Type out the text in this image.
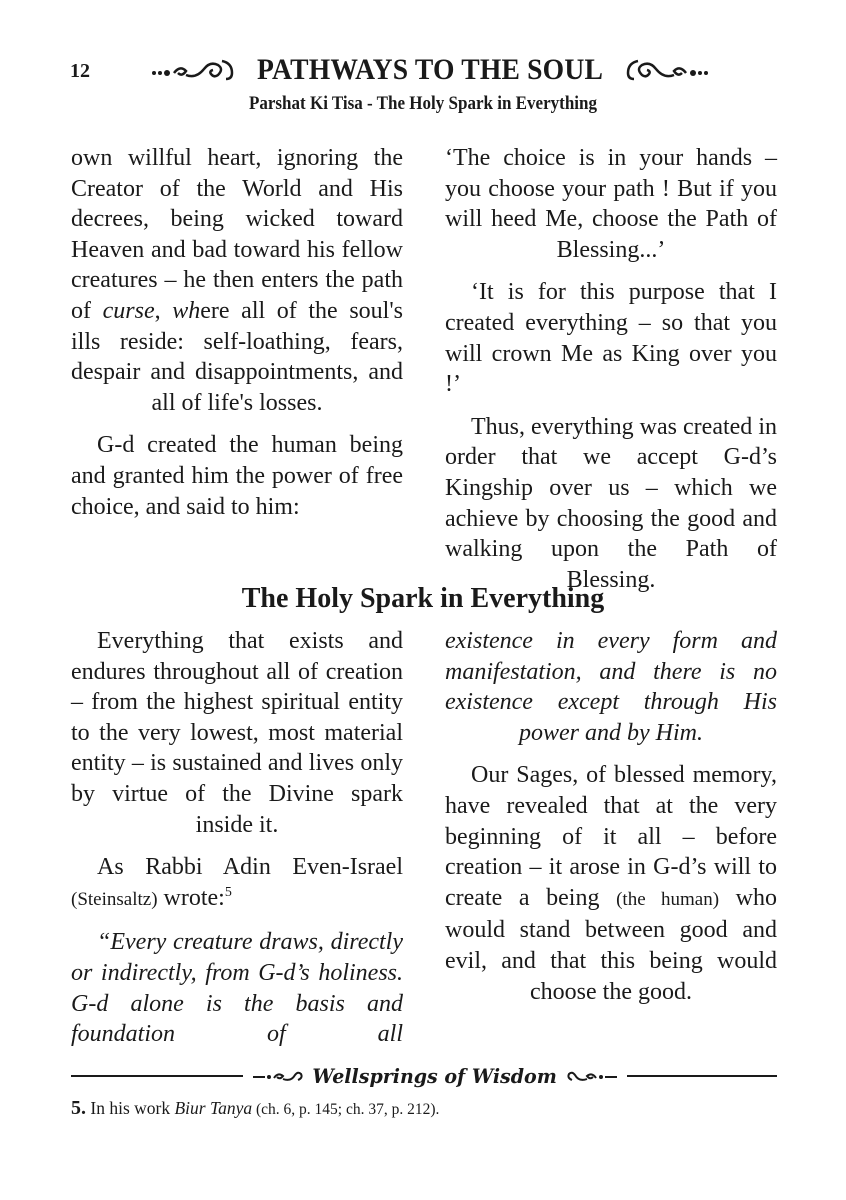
12	PATHWAYS TO THE SOUL
Parshat Ki Tisa - The Holy Spark in Everything

own willful heart, ignoring the Creator of the World and His decrees, being wicked toward Heaven and bad toward his fellow creatures – he then enters the path of curse, where all of the soul's ills reside: self-loathing, fears, despair and disappointments, and all of life's losses.

G-d created the human being and granted him the power of free choice, and said to him:

‘The choice is in your hands – you choose your path ! But if you will heed Me, choose the Path of Blessing...’

‘It is for this purpose that I created everything – so that you will crown Me as King over you !’

Thus, everything was created in order that we accept G-d’s Kingship over us – which we achieve by choosing the good and walking upon the Path of Blessing.

The Holy Spark in Everything

Everything that exists and endures throughout all of creation – from the highest spiritual entity to the very lowest, most material entity – is sustained and lives only by virtue of the Divine spark inside it.

As Rabbi Adin Even-Israel (Steinsaltz) wrote:$^5$

“Every creature draws, directly or indirectly, from G-d’s holiness. G-d alone is the basis and foundation of all

existence in every form and manifestation, and there is no existence except through His power and by Him.

Our Sages, of blessed memory, have revealed that at the very beginning of it all – before creation – it arose in G-d’s will to create a being (the human) who would stand between good and evil, and that this being would choose the good.

Wellsprings of Wisdom
5. In his work Biur Tanya (ch. 6, p. 145; ch. 37, p. 212).
